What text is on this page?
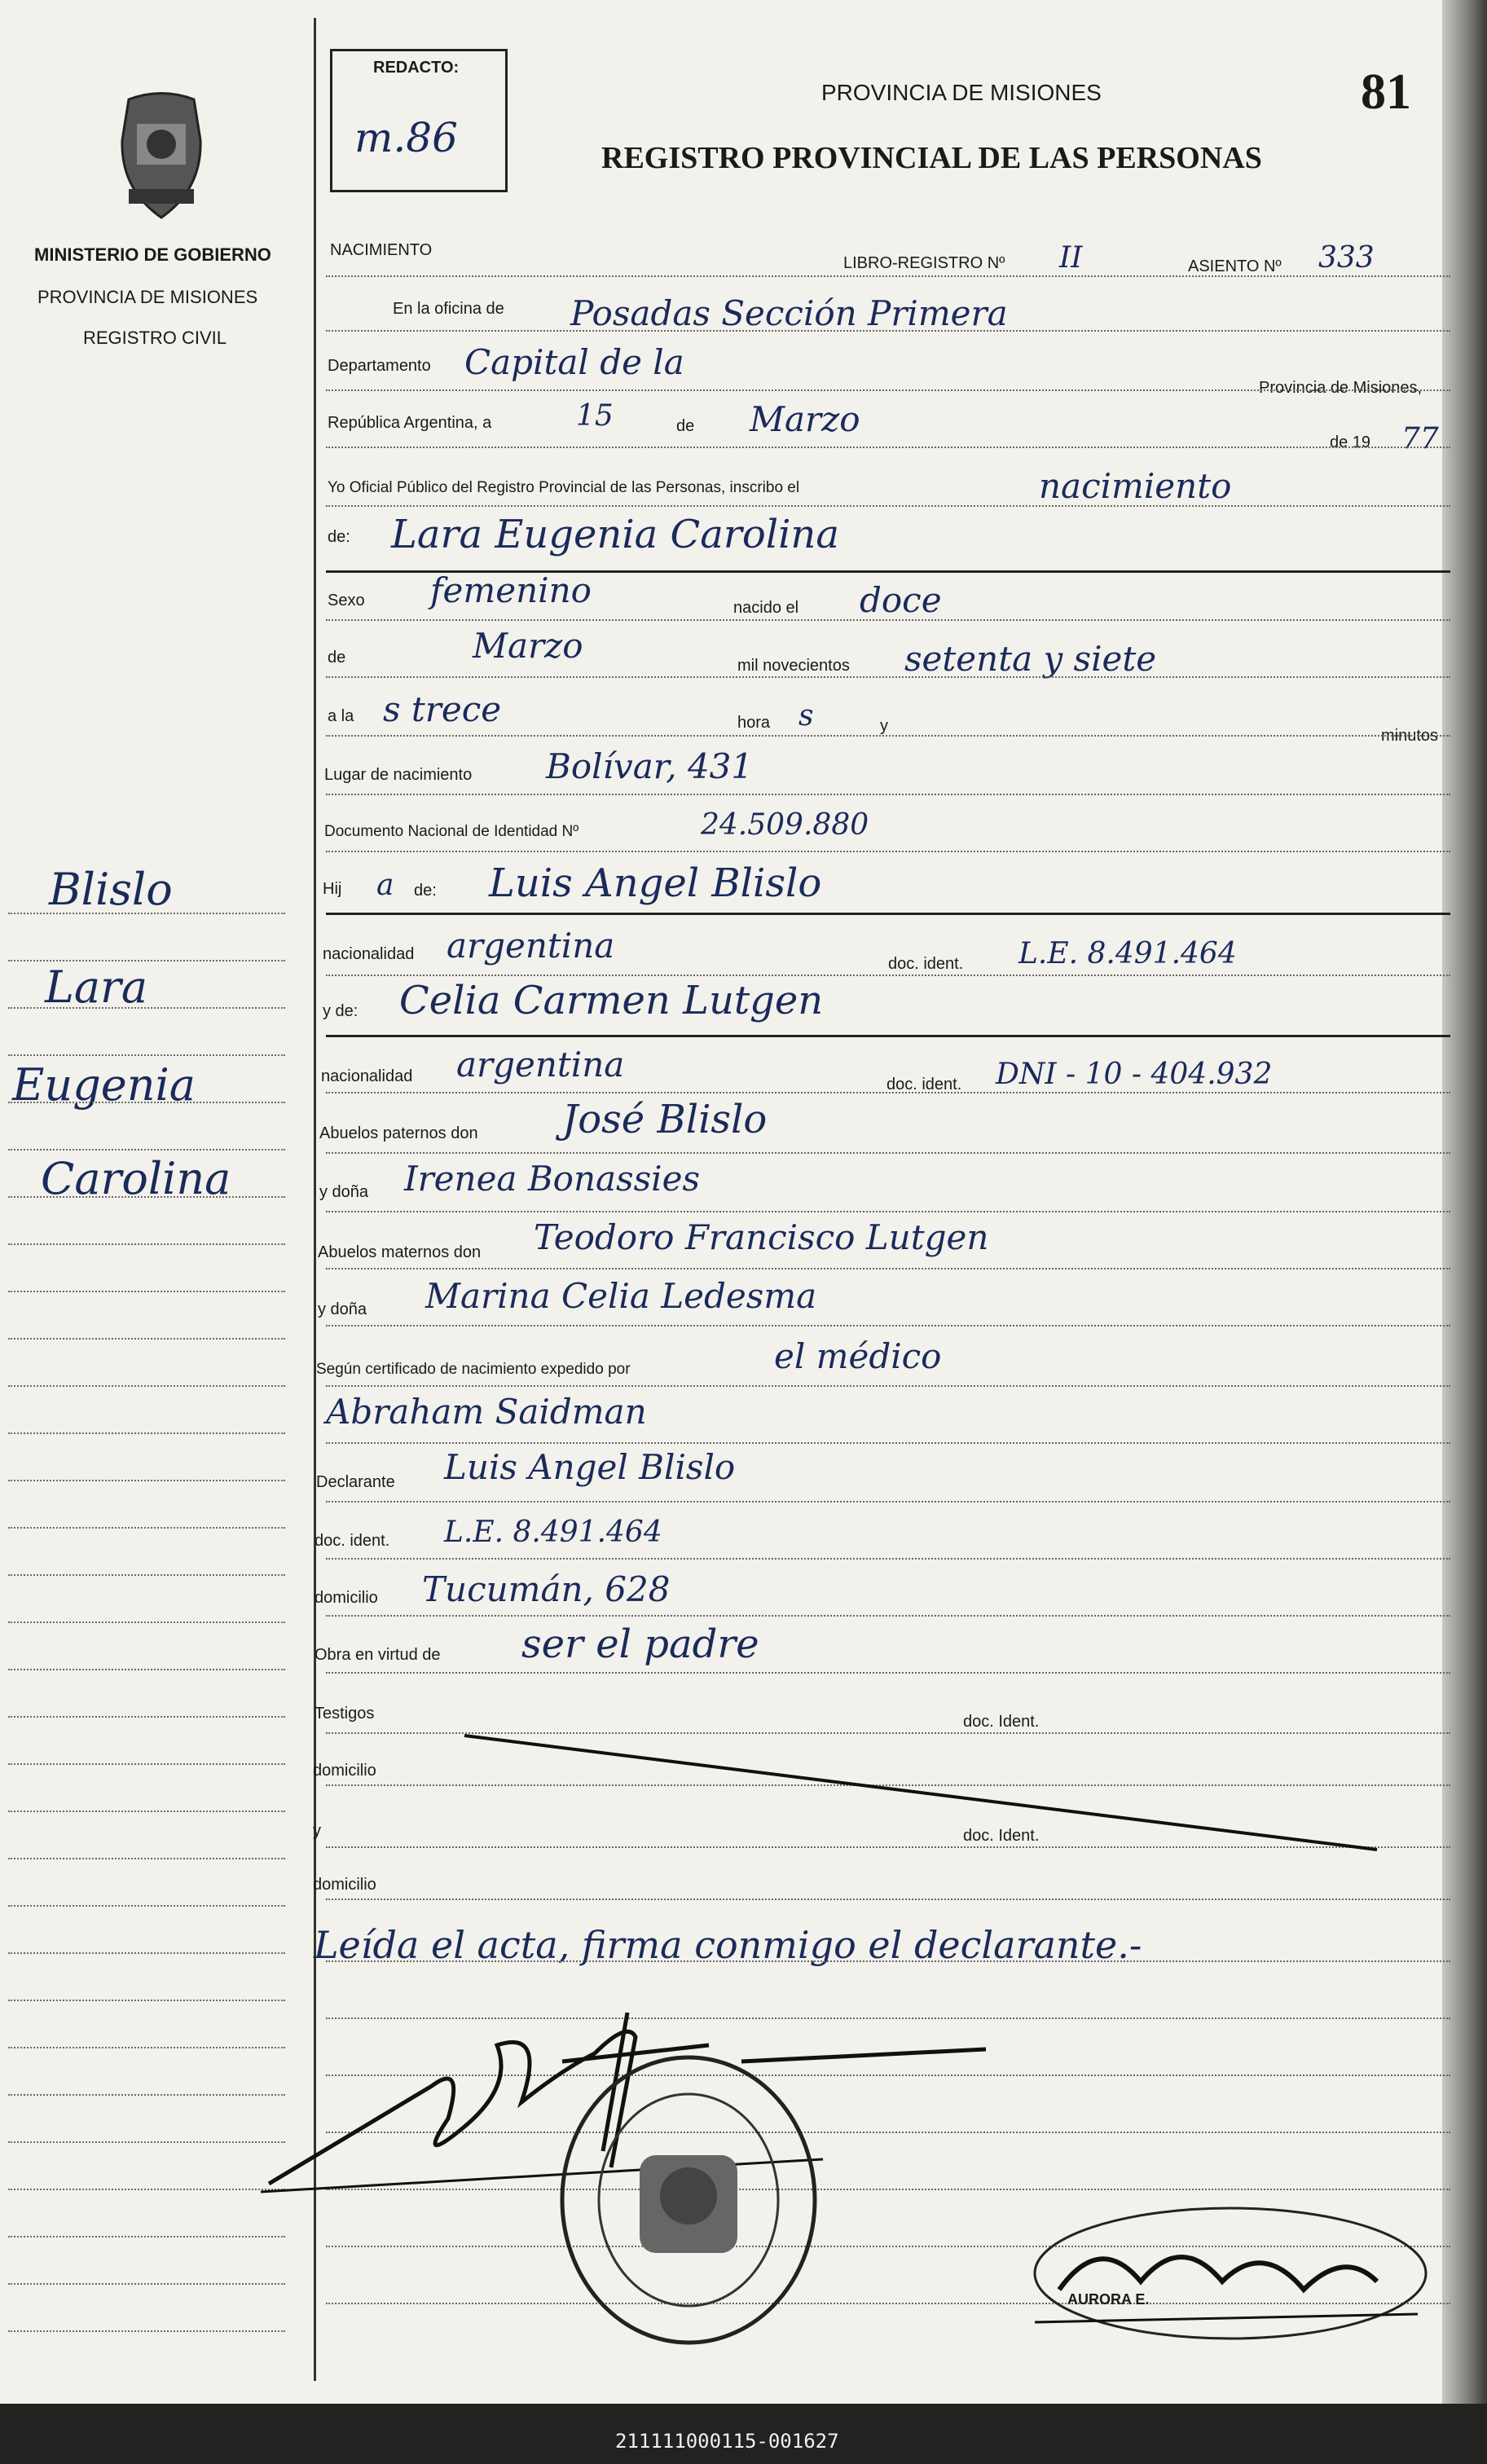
MINISTERIO DE GOBIERNO
PROVINCIA DE MISIONES
REGISTRO CIVIL
Blislo
Lara
Eugenia
Carolina
REDACTO:
m.86
PROVINCIA DE MISIONES
REGISTRO PROVINCIAL DE LAS PERSONAS
81
NACIMIENTO
LIBRO-REGISTRO Nº II	ASIENTO Nº 333
En la oficina de Posadas Sección Primera
Departamento Capital de la
Provincia de Misiones,
República Argentina, a	15	de Marzo
de 19 77
Yo Oficial Público del Registro Provincial de las Personas, inscribo el	nacimiento
de: Lara Eugenia Carolina
Sexo femenino	nacido el doce
de	Marzo	mil novecientos setenta y siete
a la s trece	hora s	y
minutos
Lugar de nacimiento Bolívar, 431
Documento Nacional de Identidad Nº	24.509.880
Hij a de: Luis Angel Blislo
nacionalidad argentina	doc. ident. L.E. 8.491.464
y de: Celia Carmen Lutgen
nacionalidad argentina	doc. ident. DNI - 10 - 404.932
Abuelos paternos don José Blislo
y doña Irenea Bonassies
Abuelos maternos don Teodoro Francisco Lutgen
y doña Marina Celia Ledesma
Según certificado de nacimiento expedido por	el médico
Abraham Saidman
Declarante Luis Angel Blislo
doc. ident. L.E. 8.491.464
domicilio Tucumán, 628
Obra en virtud de ser el padre
Testigos	doc. Ident.
domicilio
y	doc. Ident.
domicilio
Leída el acta, firma conmigo el declarante.-
AURORA E.
211111000115-001627
